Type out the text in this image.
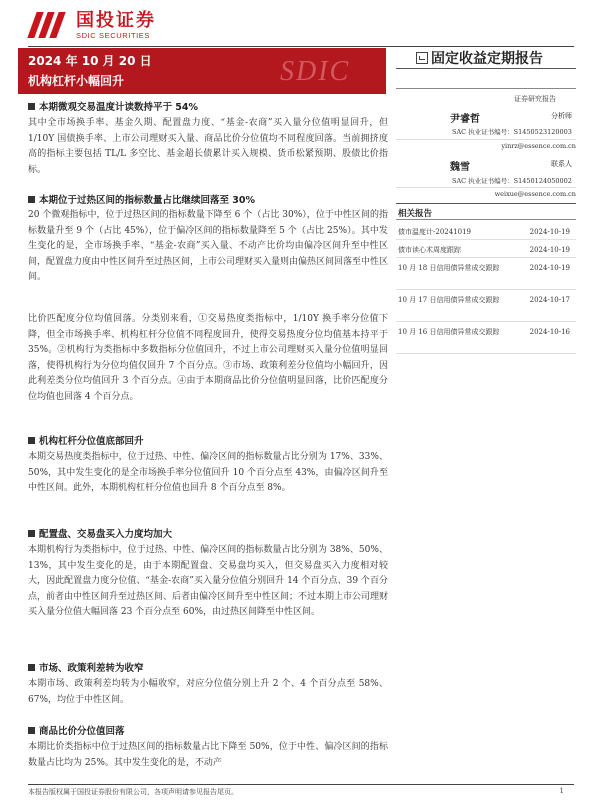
国投证券
SDIC SECURITIES
2024 年 10 月 20 日
机构杠杆小幅回升	SDIC	固定收益定期报告
证券研究报告
尹睿哲	分析师
SAC 执业证书编号：S1450523120003
yinrz@essence.com.cn
魏雪	联系人
SAC 执业证书编号：S1450124050002
weixue@essence.com.cn
相关报告
债市温度计-20241019	2024-10-19
债市读心术周度跟踪	2024-10-19
10 月 18 日信用债异常成交跟踪	2024-10-19
10 月 17 日信用债异常成交跟踪	2024-10-17
10 月 16 日信用债异常成交跟踪	2024-10-16
本期微观交易温度计读数持平于 54%
其中全市场换手率、基金久期、配置盘力度、“基金-农商”买入量分位值明显回升，但 1/10Y 国债换手率、上市公司理财买入量、商品比价分位值均不同程度回落。当前拥挤度高的指标主要包括 TL/L 多空比、基金超长债累计买入规模、货币松紧预期、股债比价指标。
本期位于过热区间的指标数量占比继续回落至 30%
20 个微观指标中，位于过热区间的指标数量下降至 6 个（占比 30%），位于中性区间的指标数量升至 9 个（占比 45%），位于偏冷区间的指标数量降至 5 个（占比 25%）。其中发生变化的是，全市场换手率、“基金-农商”买入量、不动产比价均由偏冷区间升至中性区间，配置盘力度由中性区间升至过热区间，上市公司理财买入量则由偏热区间回落至中性区间。
比价匹配度分位均值回落。分类别来看，①交易热度类指标中，1/10Y 换手率分位值下降，但全市场换手率、机构杠杆分位值不同程度回升，使得交易热度分位均值基本持平于 35%。②机构行为类指标中多数指标分位值回升，不过上市公司理财买入量分位值明显回落，使得机构行为分位均值仅回升 7 个百分点。③市场、政策利差分位值均小幅回升，因此利差类分位均值回升 3 个百分点。④由于本期商品比价分位值明显回落，比价匹配度分位均值也回落 4 个百分点。
机构杠杆分位值底部回升
本期交易热度类指标中，位于过热、中性、偏冷区间的指标数量占比分别为 17%、33%、50%，其中发生变化的是全市场换手率分位值回升 10 个百分点至 43%，由偏冷区间升至中性区间。此外，本期机构杠杆分位值也回升 8 个百分点至 8%。
配置盘、交易盘买入力度均加大
本期机构行为类指标中，位于过热、中性、偏冷区间的指标数量占比分别为 38%、50%、13%，其中发生变化的是，由于本期配置盘、交易盘均买入，但交易盘买入力度相对较大，因此配置盘力度分位值、“基金-农商”买入量分位值分别回升 14 个百分点、39 个百分点，前者由中性区间升至过热区间、后者由偏冷区间升至中性区间；不过本期上市公司理财买入量分位值大幅回落 23 个百分点至 60%，由过热区间降至中性区间。
市场、政策利差转为收窄
本期市场、政策利差均转为小幅收窄，对应分位值分别上升 2 个、4 个百分点至 58%、67%，均位于中性区间。
商品比价分位值回落
本期比价类指标中位于过热区间的指标数量占比下降至 50%，位于中性、偏冷区间的指标数量占比均为 25%。其中发生变化的是，不动产
本报告版权属于国投证券股份有限公司，各项声明请参见报告尾页。	1
